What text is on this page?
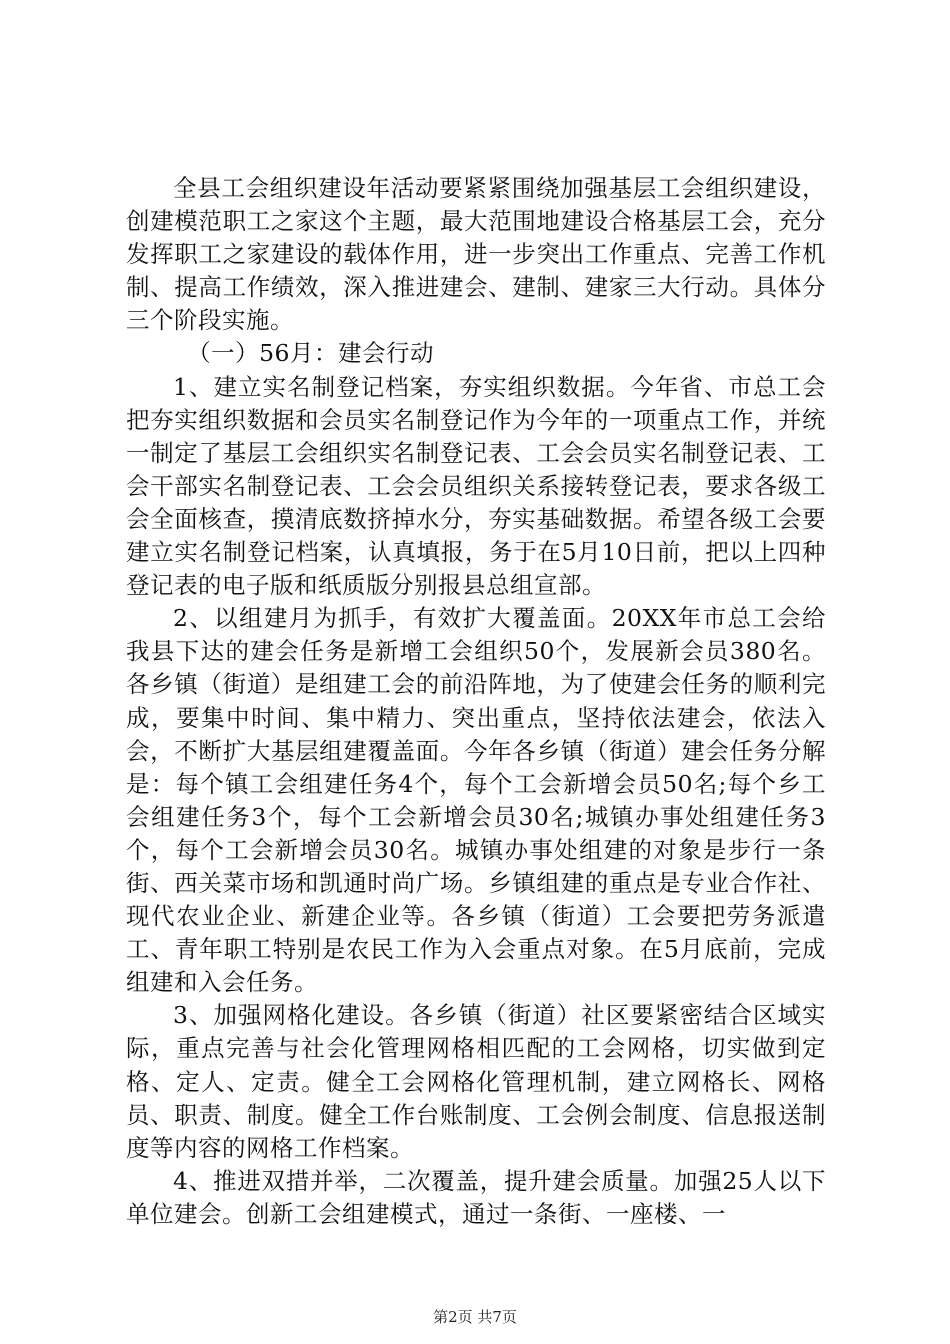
全县工会组织建设年活动要紧紧围绕加强基层工会组织建设，创建模范职工之家这个主题，最大范围地建设合格基层工会，充分发挥职工之家建设的载体作用，进一步突出工作重点、完善工作机制、提高工作绩效，深入推进建会、建制、建家三大行动。具体分三个阶段实施。

（一）56月：建会行动

1、建立实名制登记档案，夯实组织数据。今年省、市总工会把夯实组织数据和会员实名制登记作为今年的一项重点工作，并统一制定了基层工会组织实名制登记表、工会会员实名制登记表、工会干部实名制登记表、工会会员组织关系接转登记表，要求各级工会全面核查，摸清底数挤掉水分，夯实基础数据。希望各级工会要建立实名制登记档案，认真填报，务于在5月10日前，把以上四种登记表的电子版和纸质版分别报县总组宣部。

2、以组建月为抓手，有效扩大覆盖面。20XX年市总工会给我县下达的建会任务是新增工会组织50个，发展新会员380名。各乡镇（街道）是组建工会的前沿阵地，为了使建会任务的顺利完成，要集中时间、集中精力、突出重点，坚持依法建会，依法入会，不断扩大基层组建覆盖面。今年各乡镇（街道）建会任务分解是：每个镇工会组建任务4个，每个工会新增会员50名;每个乡工会组建任务3个，每个工会新增会员30名;城镇办事处组建任务3个，每个工会新增会员30名。城镇办事处组建的对象是步行一条街、西关菜市场和凯通时尚广场。乡镇组建的重点是专业合作社、现代农业企业、新建企业等。各乡镇（街道）工会要把劳务派遣工、青年职工特别是农民工作为入会重点对象。在5月底前，完成组建和入会任务。

3、加强网格化建设。各乡镇（街道）社区要紧密结合区域实际，重点完善与社会化管理网格相匹配的工会网格，切实做到定格、定人、定责。健全工会网格化管理机制，建立网格长、网格员、职责、制度。健全工作台账制度、工会例会制度、信息报送制度等内容的网格工作档案。

4、推进双措并举，二次覆盖，提升建会质量。加强25人以下单位建会。创新工会组建模式，通过一条街、一座楼、一

第2页 共7页
